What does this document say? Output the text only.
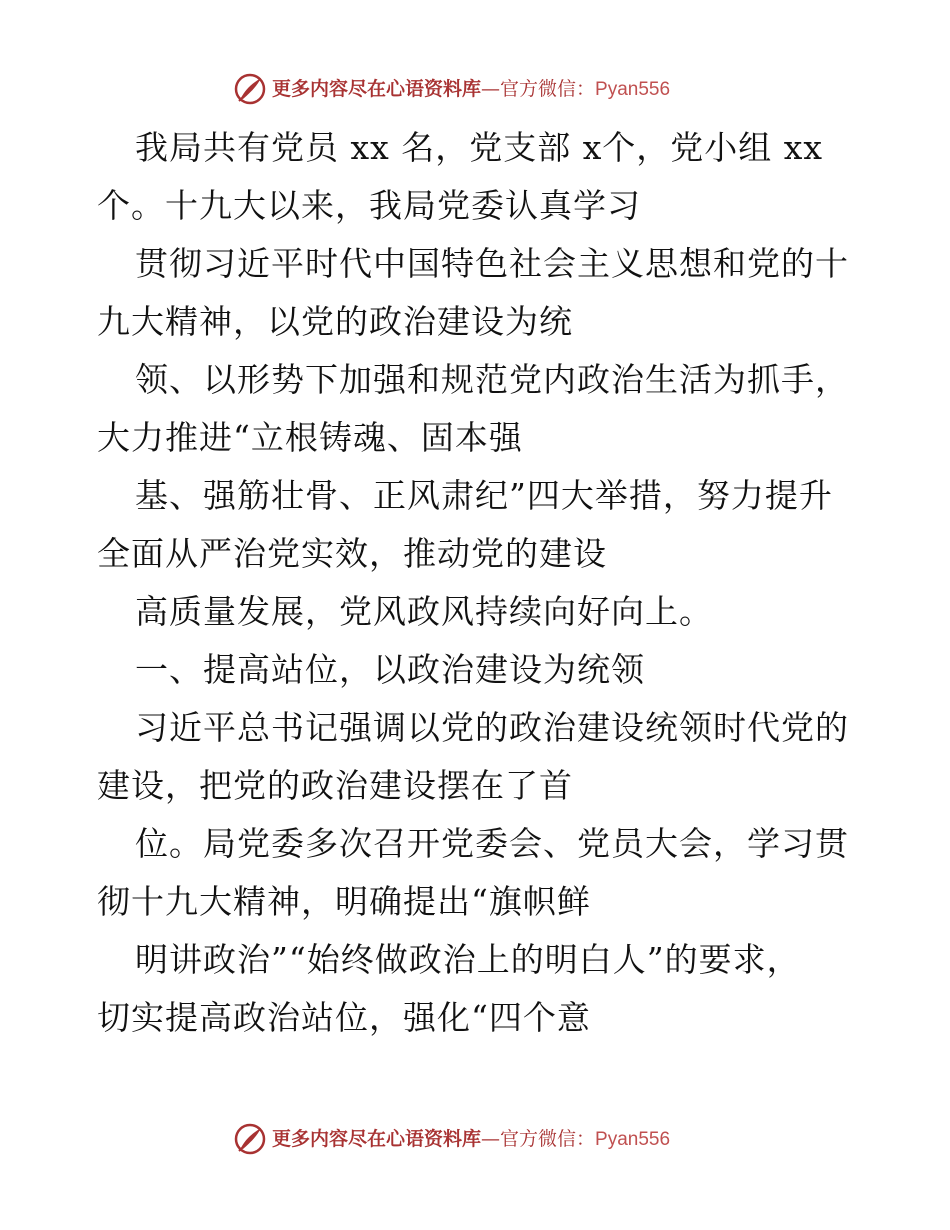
更多内容尽在心语资料库—官方微信：Pyan556
我局共有党员 xx 名，党支部 x个，党小组 xx
个。十九大以来，我局党委认真学习
贯彻习近平时代中国特色社会主义思想和党的十
九大精神，以党的政治建设为统
领、以形势下加强和规范党内政治生活为抓手，
大力推进“立根铸魂、固本强
基、强筋壮骨、正风肃纪”四大举措，努力提升
全面从严治党实效，推动党的建设
高质量发展，党风政风持续向好向上。
一、提高站位，以政治建设为统领
习近平总书记强调以党的政治建设统领时代党的
建设，把党的政治建设摆在了首
位。局党委多次召开党委会、党员大会，学习贯
彻十九大精神，明确提出“旗帜鲜
明讲政治”“始终做政治上的明白人”的要求，
切实提高政治站位，强化“四个意
更多内容尽在心语资料库—官方微信：Pyan556
